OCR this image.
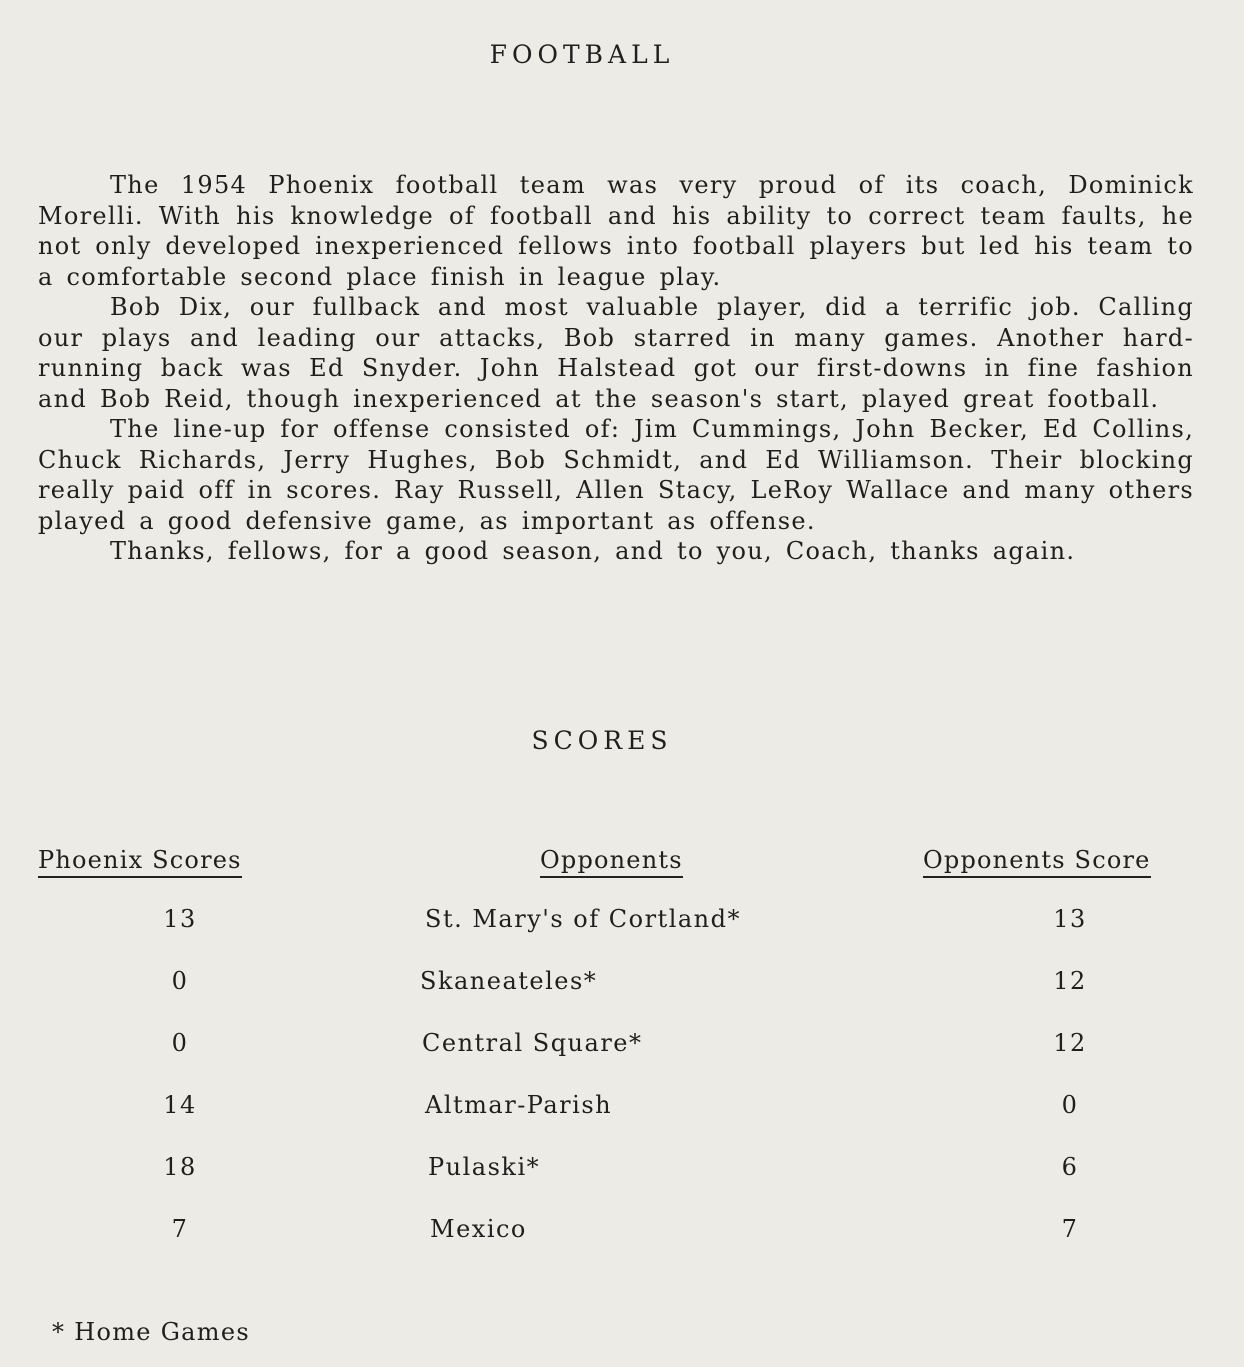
FOOTBALL

The 1954 Phoenix football team was very proud of its coach, Dominick Morelli. With his knowledge of football and his ability to correct team faults, he not only developed inexperienced fellows into football players but led his team to a comfortable second place finish in league play.

Bob Dix, our fullback and most valuable player, did a terrific job. Calling our plays and leading our attacks, Bob starred in many games. Another hard-running back was Ed Snyder. John Halstead got our first-downs in fine fashion and Bob Reid, though inexperienced at the season's start, played great football.

The line-up for offense consisted of: Jim Cummings, John Becker, Ed Collins, Chuck Richards, Jerry Hughes, Bob Schmidt, and Ed Williamson. Their blocking really paid off in scores. Ray Russell, Allen Stacy, LeRoy Wallace and many others played a good defensive game, as important as offense.

Thanks, fellows, for a good season, and to you, Coach, thanks again.

SCORES
Phoenix Scores	Opponents	Opponents Score
13	St. Mary's of Cortland*	13
0	Skaneateles*	12
0	Central Square*	12
14	Altmar-Parish	0
18	Pulaski*	6
7	Mexico	7
* Home Games
